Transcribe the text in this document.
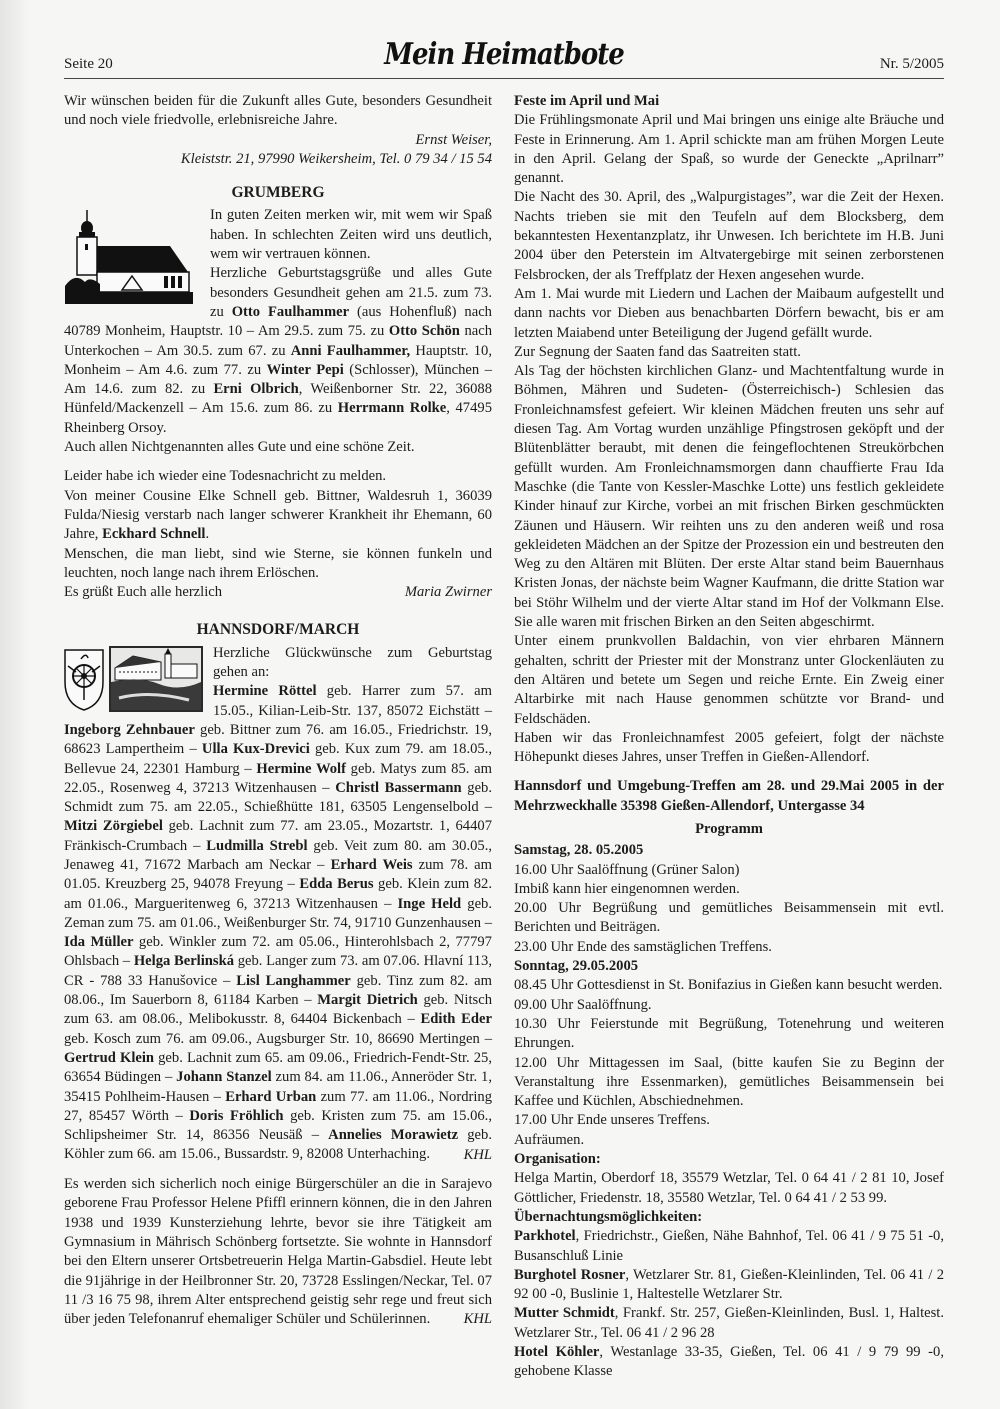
Seite 20	Mein Heimatbote	Nr. 5/2005

Wir wünschen beiden für die Zukunft alles Gute, besonders Gesundheit und noch viele friedvolle, erlebnisreiche Jahre.

Ernst Weiser,

Kleiststr. 21, 97990 Weikersheim, Tel. 0 79 34 / 15 54

GRUMBERG

In guten Zeiten merken wir, mit wem wir Spaß haben. In schlechten Zeiten wird uns deutlich, wem wir vertrauen können.

Herzliche Geburtstagsgrüße und alles Gute besonders Gesundheit gehen am 21.5. zum 73. zu Otto Faulhammer (aus Hohenfluß) nach 40789 Monheim, Hauptstr. 10 – Am 29.5. zum 75. zu Otto Schön nach Unterkochen – Am 30.5. zum 67. zu Anni Faulhammer, Hauptstr. 10, Monheim – Am 4.6. zum 77. zu Winter Pepi (Schlosser), München – Am 14.6. zum 82. zu Erni Olbrich, Weißenborner Str. 22, 36088 Hünfeld/Mackenzell – Am 15.6. zum 86. zu Herrmann Rolke, 47495 Rheinberg Orsoy.

Auch allen Nichtgenannten alles Gute und eine schöne Zeit.

Leider habe ich wieder eine Todesnachricht zu melden.

Von meiner Cousine Elke Schnell geb. Bittner, Waldesruh 1, 36039 Fulda/Niesig verstarb nach langer schwerer Krankheit ihr Ehemann, 60 Jahre, Eckhard Schnell.

Menschen, die man liebt, sind wie Sterne, sie können funkeln und leuchten, noch lange nach ihrem Erlöschen.

Es grüßt Euch alle herzlich	Maria Zwirner
HANNSDORF/MARCH

Herzliche Glückwünsche zum Geburtstag gehen an:

Hermine Röttel geb. Harrer zum 57. am 15.05., Kilian-Leib-Str. 137, 85072 Eichstätt – Ingeborg Zehnbauer geb. Bittner zum 76. am 16.05., Friedrichstr. 19, 68623 Lampertheim – Ulla Kux-Drevici geb. Kux zum 79. am 18.05., Bellevue 24, 22301 Hamburg – Hermine Wolf geb. Matys zum 85. am 22.05., Rosenweg 4, 37213 Witzenhausen – Christl Bassermann geb. Schmidt zum 75. am 22.05., Schießhütte 181, 63505 Lengenselbold – Mitzi Zörgiebel geb. Lachnit zum 77. am 23.05., Mozartstr. 1, 64407 Fränkisch-Crumbach – Ludmilla Strebl geb. Veit zum 80. am 30.05., Jenaweg 41, 71672 Marbach am Neckar – Erhard Weis zum 78. am 01.05. Kreuzberg 25, 94078 Freyung – Edda Berus geb. Klein zum 82. am 01.06., Margueritenweg 6, 37213 Witzenhausen – Inge Held geb. Zeman zum 75. am 01.06., Weißenburger Str. 74, 91710 Gunzenhausen – Ida Müller geb. Winkler zum 72. am 05.06., Hinterohlsbach 2, 77797 Ohlsbach – Helga Berlinská geb. Langer zum 73. am 07.06. Hlavní 113, CR - 788 33 Hanušovice – Lisl Langhammer geb. Tinz zum 82. am 08.06., Im Sauerborn 8, 61184 Karben – Margit Dietrich geb. Nitsch zum 63. am 08.06., Melibokusstr. 8, 64404 Bickenbach – Edith Eder geb. Kosch zum 76. am 09.06., Augsburger Str. 10, 86690 Mertingen – Gertrud Klein geb. Lachnit zum 65. am 09.06., Friedrich-Fendt-Str. 25, 63654 Büdingen – Johann Stanzel zum 84. am 11.06., Anneröder Str. 1, 35415 Pohlheim-Hausen – Erhard Urban zum 77. am 11.06., Nordring 27, 85457 Wörth – Doris Fröhlich geb. Kristen zum 75. am 15.06., Schlipsheimer Str. 14, 86356 Neusäß – Annelies Morawietz geb. Köhler zum 66. am 15.06., Bussardstr. 9, 82008 Unterhaching.	KHL

Es werden sich sicherlich noch einige Bürgerschüler an die in Sarajevo geborene Frau Professor Helene Pfiffl erinnern können, die in den Jahren 1938 und 1939 Kunsterziehung lehrte, bevor sie ihre Tätigkeit am Gymnasium in Mährisch Schönberg fortsetzte. Sie wohnte in Hannsdorf bei den Eltern unserer Ortsbetreuerin Helga Martin-Gabsdiel. Heute lebt die 91jährige in der Heilbronner Str. 20, 73728 Esslingen/Neckar, Tel. 07 11 /3 16 75 98, ihrem Alter entsprechend geistig sehr rege und freut sich über jeden Telefonanruf ehemaliger Schüler und Schülerinnen.	KHL

Feste im April und Mai

Die Frühlingsmonate April und Mai bringen uns einige alte Bräuche und Feste in Erinnerung. Am 1. April schickte man am frühen Morgen Leute in den April. Gelang der Spaß, so wurde der Geneckte „Aprilnarr” genannt.

Die Nacht des 30. April, des „Walpurgistages”, war die Zeit der Hexen. Nachts trieben sie mit den Teufeln auf dem Blocksberg, dem bekanntesten Hexentanzplatz, ihr Unwesen. Ich berichtete im H.B. Juni 2004 über den Peterstein im Altvatergebirge mit seinen zerborstenen Felsbrocken, der als Treffplatz der Hexen angesehen wurde.

Am 1. Mai wurde mit Liedern und Lachen der Maibaum aufgestellt und dann nachts vor Dieben aus benachbarten Dörfern bewacht, bis er am letzten Maiabend unter Beteiligung der Jugend gefällt wurde.

Zur Segnung der Saaten fand das Saatreiten statt.

Als Tag der höchsten kirchlichen Glanz- und Machtentfaltung wurde in Böhmen, Mähren und Sudeten- (Österreichisch-) Schlesien das Fronleichnamsfest gefeiert. Wir kleinen Mädchen freuten uns sehr auf diesen Tag. Am Vortag wurden unzählige Pfingstrosen geköpft und der Blütenblätter beraubt, mit denen die feingeflochtenen Streukörbchen gefüllt wurden. Am Fronleichnamsmorgen dann chauffierte Frau Ida Maschke (die Tante von Kessler-Maschke Lotte) uns festlich gekleidete Kinder hinauf zur Kirche, vorbei an mit frischen Birken geschmückten Zäunen und Häusern. Wir reihten uns zu den anderen weiß und rosa gekleideten Mädchen an der Spitze der Prozession ein und bestreuten den Weg zu den Altären mit Blüten. Der erste Altar stand beim Bauernhaus Kristen Jonas, der nächste beim Wagner Kaufmann, die dritte Station war bei Stöhr Wilhelm und der vierte Altar stand im Hof der Volkmann Else. Sie alle waren mit frischen Birken an den Seiten abgeschirmt.

Unter einem prunkvollen Baldachin, von vier ehrbaren Männern gehalten, schritt der Priester mit der Monstranz unter Glockenläuten zu den Altären und betete um Segen und reiche Ernte. Ein Zweig einer Altarbirke mit nach Hause genommen schützte vor Brand- und Feldschäden.

Haben wir das Fronleichnamfest 2005 gefeiert, folgt der nächste Höhepunkt dieses Jahres, unser Treffen in Gießen-Allendorf.

Hannsdorf und Umgebung-Treffen am 28. und 29.Mai 2005 in der Mehrzweckhalle 35398 Gießen-Allendorf, Untergasse 34

Programm

Samstag, 28. 05.2005

16.00 Uhr Saalöffnung (Grüner Salon)

Imbiß kann hier eingenomnen werden.

20.00 Uhr Begrüßung und gemütliches Beisammensein mit evtl. Berichten und Beiträgen.

23.00 Uhr Ende des samstäglichen Treffens.

Sonntag, 29.05.2005

08.45 Uhr Gottesdienst in St. Bonifazius in Gießen kann besucht werden.

09.00 Uhr Saalöffnung.

10.30 Uhr Feierstunde mit Begrüßung, Totenehrung und weiteren Ehrungen.

12.00 Uhr Mittagessen im Saal, (bitte kaufen Sie zu Beginn der Veranstaltung ihre Essenmarken), gemütliches Beisammensein bei Kaffee und Küchlen, Abschiednehmen.

17.00 Uhr Ende unseres Treffens.

Aufräumen.

Organisation:

Helga Martin, Oberdorf 18, 35579 Wetzlar, Tel. 0 64 41 / 2 81 10, Josef Göttlicher, Friedenstr. 18, 35580 Wetzlar, Tel. 0 64 41 / 2 53 99.

Übernachtungsmöglichkeiten:

Parkhotel, Friedrichstr., Gießen, Nähe Bahnhof, Tel. 06 41 / 9 75 51 -0, Busanschluß Linie

Burghotel Rosner, Wetzlarer Str. 81, Gießen-Kleinlinden, Tel. 06 41 / 2 92 00 -0, Buslinie 1, Haltestelle Wetzlarer Str.

Mutter Schmidt, Frankf. Str. 257, Gießen-Kleinlinden, Busl. 1, Haltest. Wetzlarer Str., Tel. 06 41 / 2 96 28

Hotel Köhler, Westanlage 33-35, Gießen, Tel. 06 41 / 9 79 99 -0, gehobene Klasse
